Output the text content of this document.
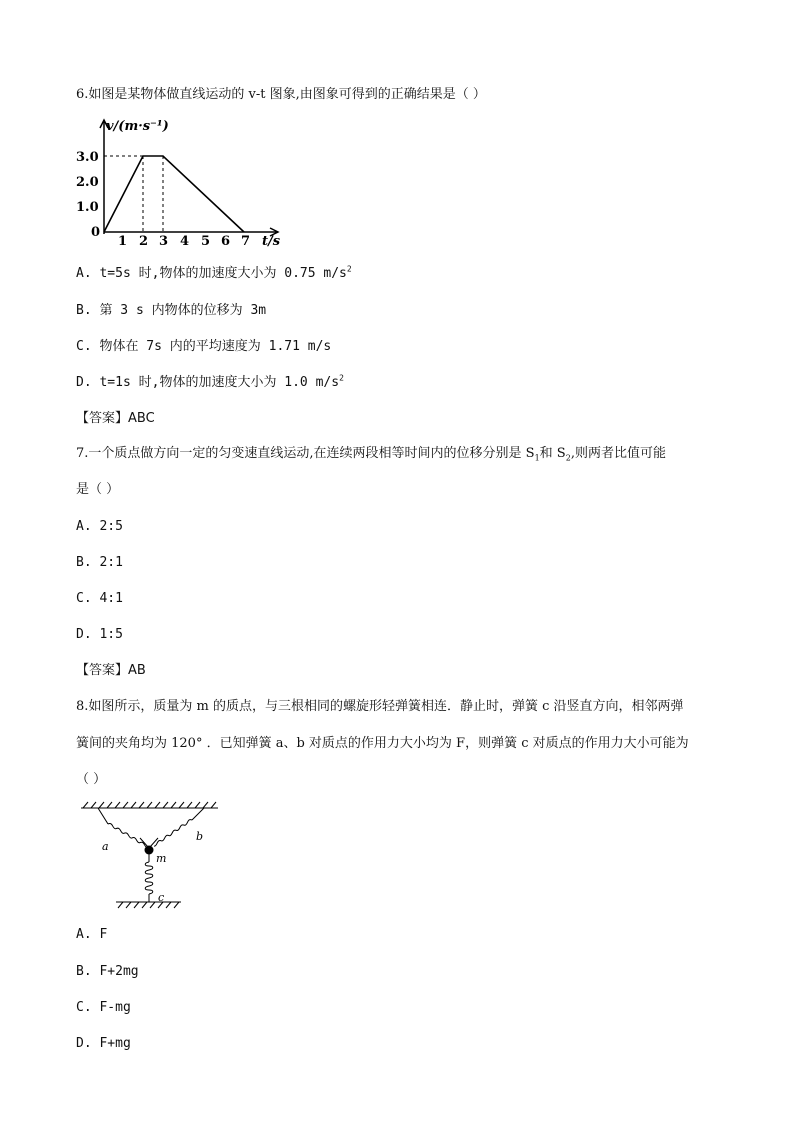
6.如图是某物体做直线运动的 v-t 图象,由图象可得到的正确结果是（ ）
v/(m·s⁻¹)
3.0
2.0
1.0
0
1 2 3 4 5 6 7 t/s
A. t=5s 时,物体的加速度大小为 0.75 $m/s^2$
B. 第 3 s 内物体的位移为 3m
C. 物体在 7s 内的平均速度为 1.71 m/s
D. t=1s 时,物体的加速度大小为 1.0 $m/s^2$
【答案】ABC
7.一个质点做方向一定的匀变速直线运动,在连续两段相等时间内的位移分别是 $S_1$和 $S_2$,则两者比值可能
是（ ）
A. 2:5
B. 2:1
C. 4:1
D. 1:5
【答案】AB
8.如图所示，质量为 m 的质点，与三根相同的螺旋形轻弹簧相连．静止时，弹簧 c 沿竖直方向，相邻两弹
簧间的夹角均为 120° ．已知弹簧 a、b 对质点的作用力大小均为 F，则弹簧 c 对质点的作用力大小可能为
（ ）
a
b
m
c
A. F
B. F+2mg
C. F-mg
D. F+mg
